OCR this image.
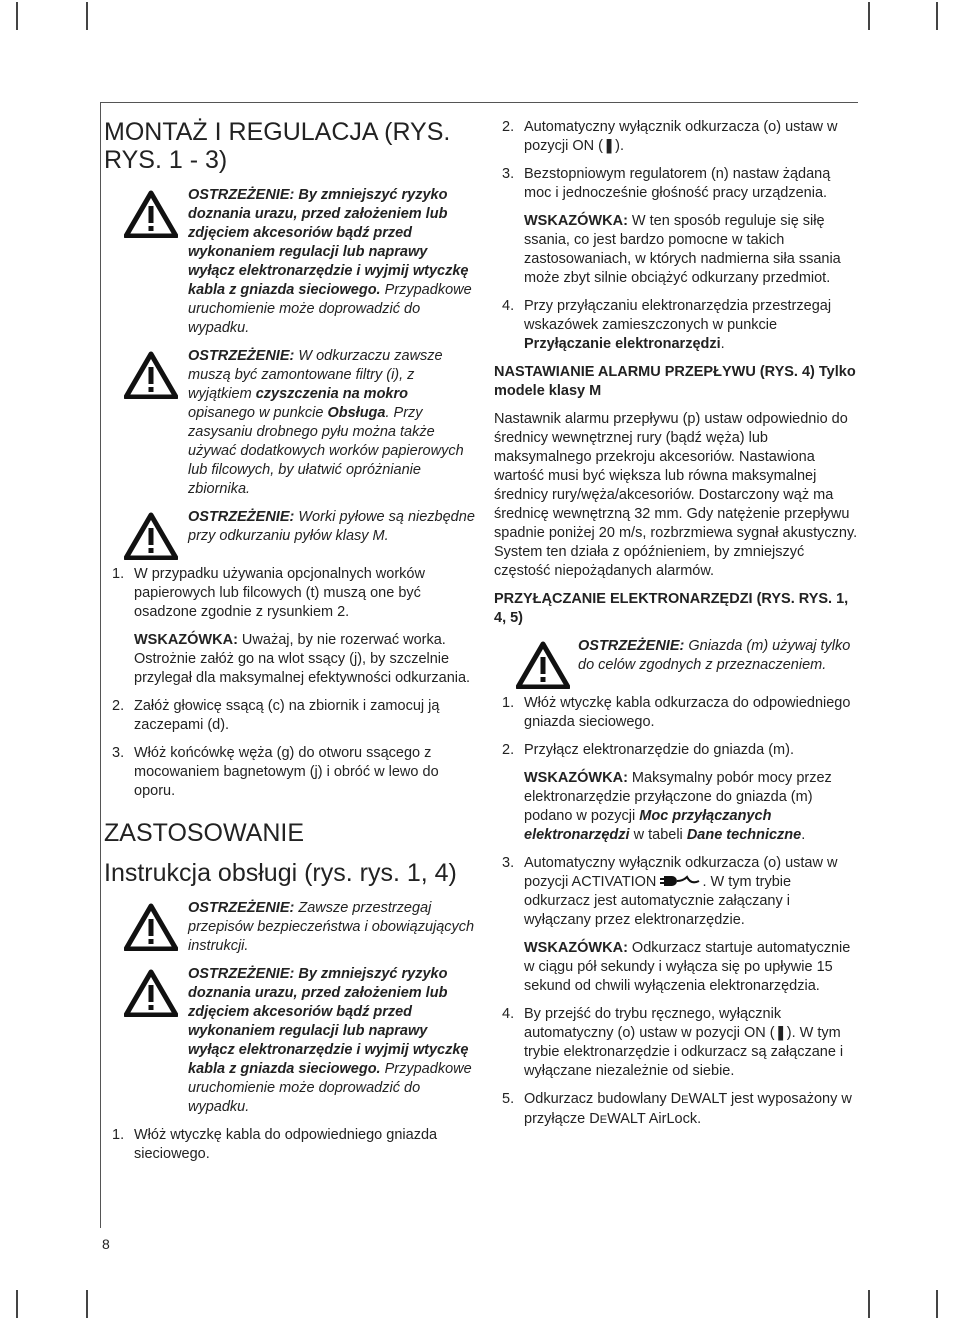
8
MONTAŻ I REGULACJA (RYS. RYS. 1 - 3)

OSTRZEŻENIE: By zmniejszyć ryzyko doznania urazu, przed założeniem lub zdjęciem akcesoriów bądź przed wykonaniem regulacji lub naprawy wyłącz elektronarzędzie i wyjmij wtyczkę kabla z gniazda sieciowego. Przypadkowe uruchomienie może doprowadzić do wypadku.

OSTRZEŻENIE: W odkurzaczu zawsze muszą być zamontowane filtry (i), z wyjątkiem czyszczenia na mokro opisanego w punkcie Obsługa. Przy zasysaniu drobnego pyłu można także używać dodatkowych worków papierowych lub filcowych, by ułatwić opróżnianie zbiornika.

OSTRZEŻENIE: Worki pyłowe są niezbędne przy odkurzaniu pyłów klasy M.

1. W przypadku używania opcjonalnych worków papierowych lub filcowych (t) muszą one być osadzone zgodnie z rysunkiem 2.
WSKAZÓWKA: Uważaj, by nie rozerwać worka. Ostrożnie załóż go na wlot ssący (j), by szczelnie przylegał dla maksymalnej efektywności odkurzania.
2. Załóż głowicę ssącą (c) na zbiornik i zamocuj ją zaczepami (d).
3. Włóż końcówkę węża (g) do otworu ssącego z mocowaniem bagnetowym (j) i obróć w lewo do oporu.
ZASTOSOWANIE
Instrukcja obsługi (rys. rys. 1, 4)

OSTRZEŻENIE: Zawsze przestrzegaj przepisów bezpieczeństwa i obowiązujących instrukcji.

OSTRZEŻENIE: By zmniejszyć ryzyko doznania urazu, przed założeniem lub zdjęciem akcesoriów bądź przed wykonaniem regulacji lub naprawy wyłącz elektronarzędzie i wyjmij wtyczkę kabla z gniazda sieciowego. Przypadkowe uruchomienie może doprowadzić do wypadku.

1. Włóż wtyczkę kabla do odpowiedniego gniazda sieciowego.
2. Automatyczny wyłącznik odkurzacza (o) ustaw w pozycji ON (❚).
3. Bezstopniowym regulatorem (n) nastaw żądaną moc i jednocześnie głośność pracy urządzenia.
WSKAZÓWKA: W ten sposób reguluje się siłę ssania, co jest bardzo pomocne w takich zastosowaniach, w których nadmierna siła ssania może zbyt silnie obciążyć odkurzany przedmiot.
4. Przy przyłączaniu elektronarzędzia przestrzegaj wskazówek zamieszczonych w punkcie Przyłączanie elektronarzędzi.
NASTAWIANIE ALARMU PRZEPŁYWU (RYS. 4) Tylko modele klasy M

Nastawnik alarmu przepływu (p) ustaw odpowiednio do średnicy wewnętrznej rury (bądź węża) lub maksymalnego przekroju akcesoriów. Nastawiona wartość musi być większa lub równa maksymalnej średnicy rury/węża/akcesoriów. Dostarczony wąż ma średnicę wewnętrzną 32 mm. Gdy natężenie przepływu spadnie poniżej 20 m/s, rozbrzmiewa sygnał akustyczny. System ten działa z opóźnieniem, by zmniejszyć częstość niepożądanych alarmów.

PRZYŁĄCZANIE ELEKTRONARZĘDZI (RYS. RYS. 1, 4, 5)

OSTRZEŻENIE: Gniazda (m) używaj tylko do celów zgodnych z przeznaczeniem.

1. Włóż wtyczkę kabla odkurzacza do odpowiedniego gniazda sieciowego.
2. Przyłącz elektronarzędzie do gniazda (m).
WSKAZÓWKA: Maksymalny pobór mocy przez elektronarzędzie przyłączone do gniazda (m) podano w pozycji Moc przyłączanych elektronarzędzi w tabeli Dane techniczne.
3. Automatyczny wyłącznik odkurzacza (o) ustaw w pozycji ACTIVATION	. W tym trybie odkurzacz jest automatycznie załączany i wyłączany przez elektronarzędzie.
WSKAZÓWKA: Odkurzacz startuje automatycznie w ciągu pół sekundy i wyłącza się po upływie 15 sekund od chwili wyłączenia elektronarzędzia.
4. By przejść do trybu ręcznego, wyłącznik automatyczny (o) ustaw w pozycji ON (❚). W tym trybie elektronarzędzie i odkurzacz są załączane i wyłączane niezależnie od siebie.
5. Odkurzacz budowlany DEWALT jest wyposażony w przyłącze DEWALT AirLock.
